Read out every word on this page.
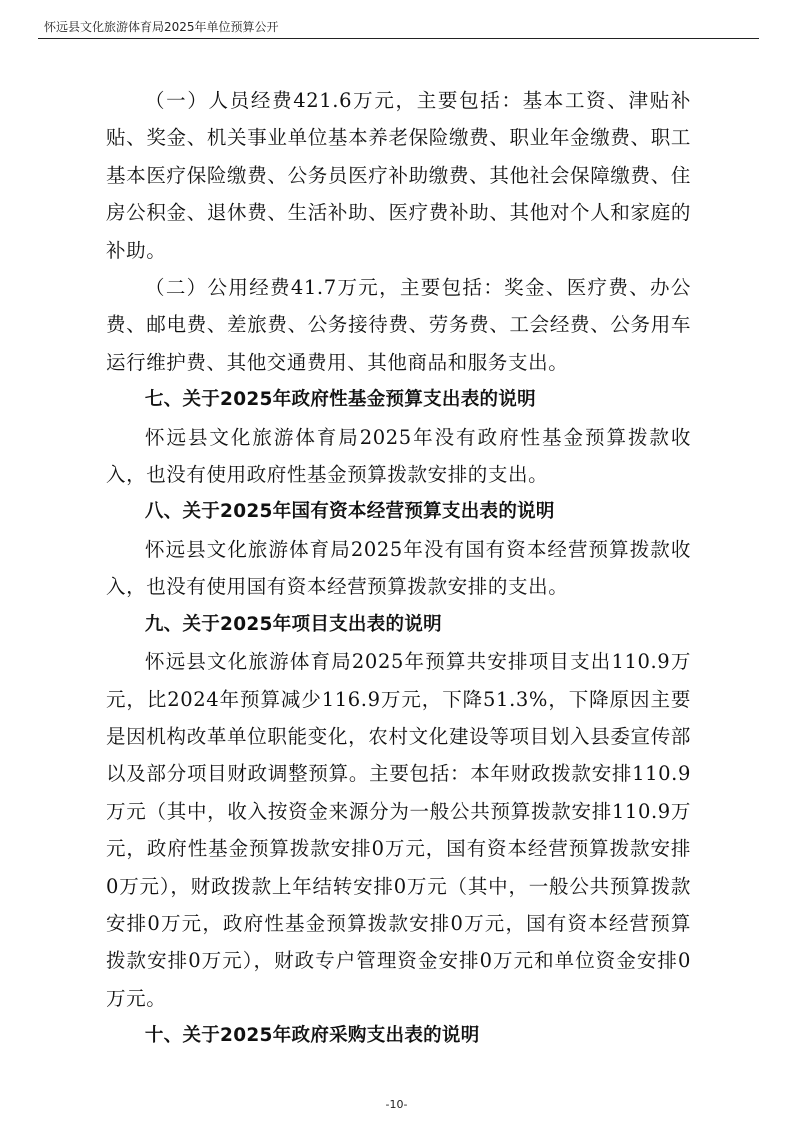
怀远县文化旅游体育局2025年单位预算公开

（一）人员经费421.6万元，主要包括：基本工资、津贴补贴、奖金、机关事业单位基本养老保险缴费、职业年金缴费、职工基本医疗保险缴费、公务员医疗补助缴费、其他社会保障缴费、住房公积金、退休费、生活补助、医疗费补助、其他对个人和家庭的补助。

（二）公用经费41.7万元，主要包括：奖金、医疗费、办公费、邮电费、差旅费、公务接待费、劳务费、工会经费、公务用车运行维护费、其他交通费用、其他商品和服务支出。

七、关于2025年政府性基金预算支出表的说明

怀远县文化旅游体育局2025年没有政府性基金预算拨款收入，也没有使用政府性基金预算拨款安排的支出。

八、关于2025年国有资本经营预算支出表的说明

怀远县文化旅游体育局2025年没有国有资本经营预算拨款收入，也没有使用国有资本经营预算拨款安排的支出。

九、关于2025年项目支出表的说明

怀远县文化旅游体育局2025年预算共安排项目支出110.9万元，比2024年预算减少116.9万元，下降51.3%，下降原因主要是因机构改革单位职能变化，农村文化建设等项目划入县委宣传部以及部分项目财政调整预算。主要包括：本年财政拨款安排110.9万元（其中，收入按资金来源分为一般公共预算拨款安排110.9万元，政府性基金预算拨款安排0万元，国有资本经营预算拨款安排0万元），财政拨款上年结转安排0万元（其中，一般公共预算拨款安排0万元，政府性基金预算拨款安排0万元，国有资本经营预算拨款安排0万元），财政专户管理资金安排0万元和单位资金安排0万元。

十、关于2025年政府采购支出表的说明

-10-
